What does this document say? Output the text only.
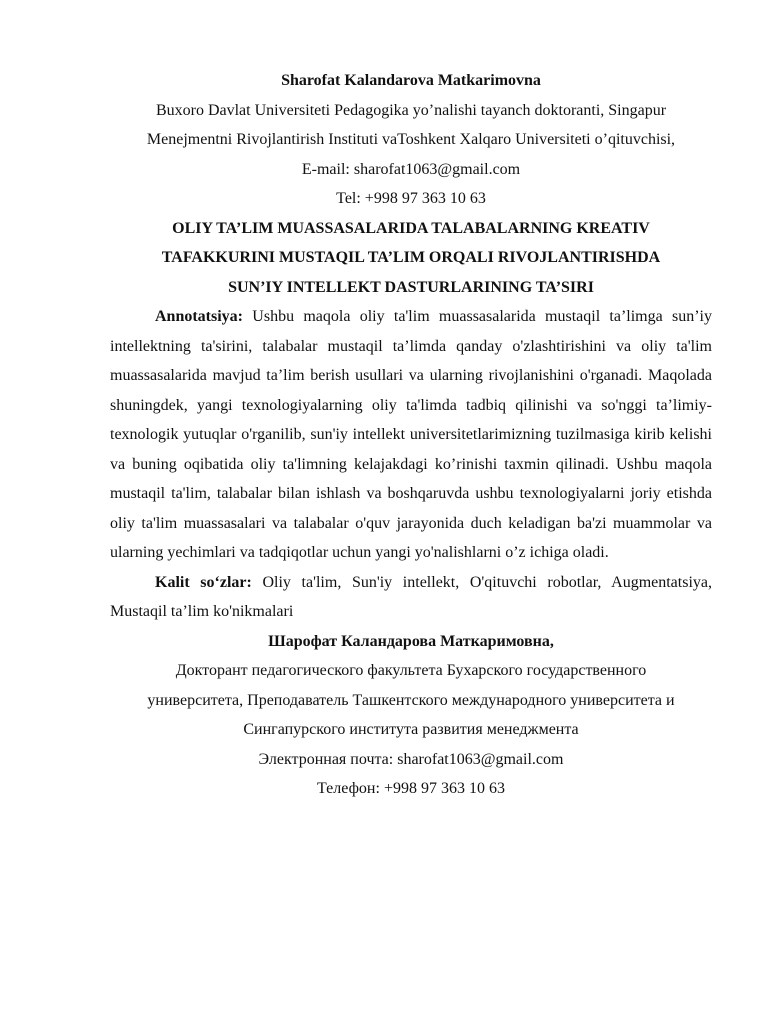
Sharofat Kalandarova Matkarimovna
Buxoro Davlat Universiteti Pedagogika yo’nalishi tayanch doktoranti, Singapur
Menejmentni Rivojlantirish Instituti vaToshkent Xalqaro Universiteti o’qituvchisi,
E-mail: sharofat1063@gmail.com
Tel: +998 97 363 10 63
OLIY TA’LIM MUASSASALARIDA TALABALARNING KREATIV
TAFAKKURINI MUSTAQIL TA’LIM ORQALI RIVOJLANTIRISHDA
SUN’IY INTELLEKT DASTURLARINING TA’SIRI
Annotatsiya: Ushbu maqola oliy ta'lim muassasalarida mustaqil ta’limga sun’iy intellektning ta'sirini, talabalar mustaqil ta’limda qanday o'zlashtirishini va oliy ta'lim muassasalarida mavjud ta’lim berish usullari va ularning rivojlanishini o'rganadi. Maqolada shuningdek, yangi texnologiyalarning oliy ta'limda tadbiq qilinishi va so'nggi ta’limiy-texnologik yutuqlar o'rganilib, sun'iy intellekt universitetlarimizning tuzilmasiga kirib kelishi va buning oqibatida oliy ta'limning kelajakdagi ko’rinishi taxmin qilinadi. Ushbu maqola mustaqil ta'lim, talabalar bilan ishlash va boshqaruvda ushbu texnologiyalarni joriy etishda oliy ta'lim muassasalari va talabalar o'quv jarayonida duch keladigan ba'zi muammolar va ularning yechimlari va tadqiqotlar uchun yangi yo'nalishlarni o’z ichiga oladi.
Kalit so‘zlar: Oliy ta'lim, Sun'iy intellekt, O'qituvchi robotlar, Augmentatsiya, Mustaqil ta’lim ko'nikmalari
Шарофат Каландарова Маткаримовна,
Докторант педагогического факультета Бухарского государственного
университета, Преподаватель Ташкентского международного университета и
Сингапурского института развития менеджмента
Электронная почта: sharofat1063@gmail.com
Телефон: +998 97 363 10 63
